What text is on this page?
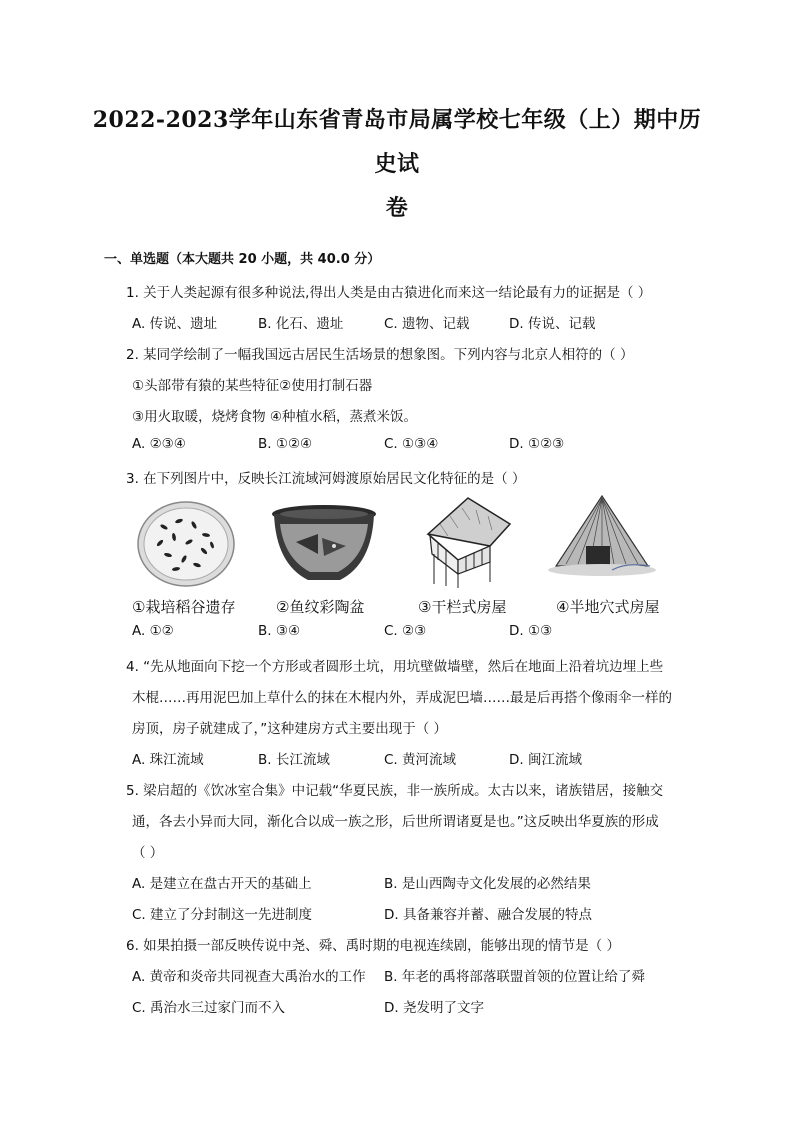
2022-2023学年山东省青岛市局属学校七年级（上）期中历史试
卷
一、单选题（本大题共 20 小题，共 40.0 分）
1. 关于人类起源有很多种说法,得出人类是由古猿进化而来这一结论最有力的证据是（ ）
A. 传说、遗址	B. 化石、遗址	C. 遗物、记载	D. 传说、记载
2. 某同学绘制了一幅我国远古居民生活场景的想象图。下列内容与北京人相符的（ ）
①头部带有猿的某些特征②使用打制石器
③用火取暖，烧烤食物 ④种植水稻，蒸煮米饭。
A. ②③④	B. ①②④	C. ①③④	D. ①②③
3. 在下列图片中，反映长江流域河姆渡原始居民文化特征的是（ ）
①栽培稻谷遗存	②鱼纹彩陶盆	③干栏式房屋	④半地穴式房屋
A. ①②	B. ③④	C. ②③	D. ①③
4. “先从地面向下挖一个方形或者圆形土坑，用坑壁做墙壁，然后在地面上沿着坑边埋上些
木棍……再用泥巴加上草什么的抹在木棍内外，弄成泥巴墙……最是后再搭个像雨伞一样的
房顶，房子就建成了，”这种建房方式主要出现于（ ）
A. 珠江流域	B. 长江流域	C. 黄河流域	D. 闽江流域
5. 梁启超的《饮冰室合集》中记载“华夏民族，非一族所成。太古以来，诸族错居，接触交
通，各去小异而大同，渐化合以成一族之形，后世所谓诸夏是也。”这反映出华夏族的形成
（ ）
A. 是建立在盘古开天的基础上	B. 是山西陶寺文化发展的必然结果
C. 建立了分封制这一先进制度	D. 具备兼容并蓄、融合发展的特点
6. 如果拍摄一部反映传说中尧、舜、禹时期的电视连续剧，能够出现的情节是（ ）
A. 黄帝和炎帝共同视查大禹治水的工作 B. 年老的禹将部落联盟首领的位置让给了舜
C. 禹治水三过家门而不入	D. 尧发明了文字
